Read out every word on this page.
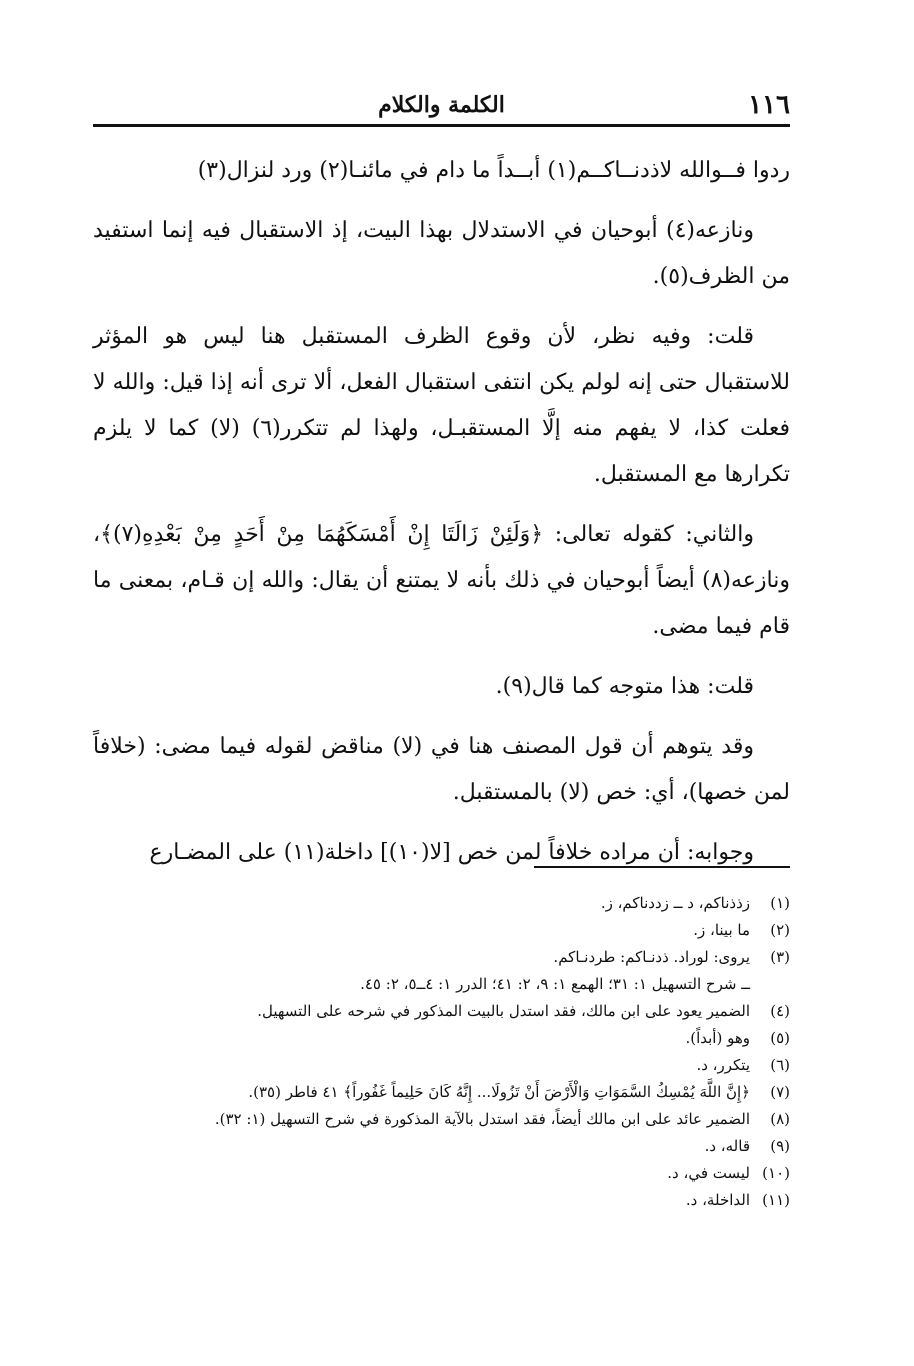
١١٦
الكلمة والكلام

ردوا فــوالله لاذدنــاكــم(١) أبــداً ما دام في مائنـا(٢) ورد لنزال(٣)

ونازعه(٤) أبوحيان في الاستدلال بهذا البيت، إذ الاستقبال فيه إنما استفيد من الظرف(٥).

قلت: وفيه نظر، لأن وقوع الظرف المستقبل هنا ليس هو المؤثر للاستقبال حتى إنه لولم يكن انتفى استقبال الفعل، ألا ترى أنه إذا قيل: والله لا فعلت كذا، لا يفهم منه إلَّا المستقبـل، ولهذا لم تتكرر(٦) (لا) كما لا يلزم تكرارها مع المستقبل.

والثاني: كقوله تعالى: ﴿وَلَئِنْ زَالَتَا إِنْ أَمْسَكَهُمَا مِنْ أَحَدٍ مِنْ بَعْدِهِ(٧)﴾، ونازعه(٨) أيضاً أبوحيان في ذلك بأنه لا يمتنع أن يقال: والله إن قـام، بمعنى ما قام فيما مضى.

قلت: هذا متوجه كما قال(٩).

وقد يتوهم أن قول المصنف هنا في (لا) مناقض لقوله فيما مضى: (خلافاً لمن خصها)، أي: خص (لا) بالمستقبل.

وجوابه: أن مراده خلافاً لمن خص [لا(١٠)] داخلة(١١) على المضـارع

(١)
زذذناكم، د ــ زددناكم، ز.
(٢)
ما بينا، ز.
(٣)
يروى: لوراد. ذدنـاكم: طردنـاكم.
ــ شرح التسهيل ١: ٣١؛ الهمع ١: ٩، ٢: ٤١؛ الدرر ١: ٤ــ٥، ٢: ٤٥.
(٤)
الضمير يعود على ابن مالك، فقد استدل بالبيت المذكور في شرحه على التسهيل.
(٥)
وهو (أبداً).
(٦)
يتكرر، د.
(٧)
﴿إِنَّ اللَّهَ يُمْسِكُ السَّمَوَاتِ وَالْأَرْضَ أَنْ تَزُولَا... إِنَّهُ كَانَ حَلِيماً غَفُوراً﴾ ٤١ فاطر (٣٥).
(٨)
الضمير عائد على ابن مالك أيضاً، فقد استدل بالآية المذكورة في شرح التسهيل (١: ٣٢).
(٩)
قاله، د.
(١٠)
ليست في، د.
(١١)
الداخلة، د.
